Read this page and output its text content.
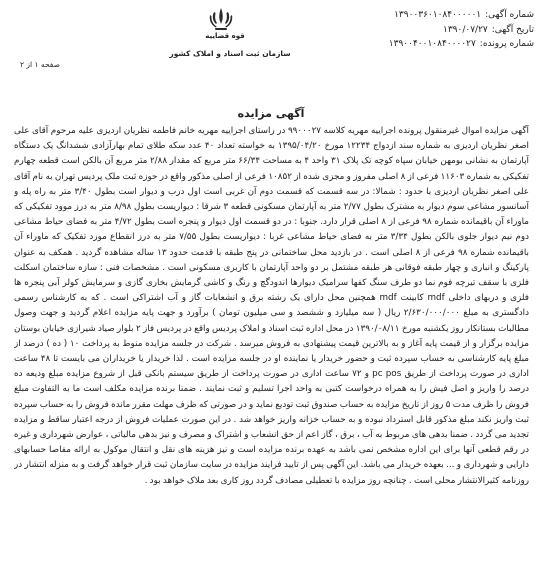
قوه قضاییه
سازمان ثبت اسناد و املاک کشور
شماره آگهی:
۱۳۹۰۰۳۶۰۱۰۸۴۰۰۰۰۰۱
تاریخ آگهی:
۱۳۹۰/۰۷/۲۷
شماره پرونده:
۱۳۹۰۰۴۰۰۱۰۸۴۰۰۰۰۲۷
صفحه ۱ از ۲
آگهی مزایده

آگهی مزایده اموال غیرمنقول پرونده اجراییه مهریه کلاسه ۹۹۰۰۰۲۷ در راستای اجراییه مهریه خانم فاطمه نظریان اردیزی علیه مرحوم آقای علی اصغر نظریان اردیزی به شماره سند ازدواج ۱۲۲۳۴ مورخ ۱۳۹۵/۰۴/۲۰ به خواسته تعداد ۴۰ عدد سکه طلای تمام بهارآزادی ششدانگ یک دستگاه آپارتمان به نشانی بومهن خیابان سپاه کوچه تک پلاک ۳۱ واحد ۴ به مساحت ۶۶/۳۴ متر مربع که مقدار ۲/۸۸ متر مربع آن بالکن است قطعه چهارم تفکیکی به شماره ۱۱۶۰۳ فرعی از ۸ اصلی مفروز و مجزی شده از ۱۰۸۵۲ فرعی از اصلی مذکور واقع در حوزه ثبت ملک پردیس تهران به نام آقای علی اصغر نظریان اردیزی با حدود : شمالا: در سه قسمت که قسمت دوم آن غربی است اول درب و دیوار است بطول ۳/۴۰ متر به راه پله و آسانسور مشاعی سوم دیوار به مشترک بطول ۲/۷۷ متر به آپارتمان مسکونی قطعه ۳ شرقا : دیواریست بطول ۸/۹۸ متر به درز موود تفکیکی که ماوراء آن باقیمانده شماره ۹۸ فرعی از ۸ اصلی قرار دارد. جنوبا : در دو قسمت اول دیوار و پنجره است بطول ۴/۷۲ متر به فضای حیاط مشاعی دوم نیم دیوار جلوی بالکن بطول ۳/۳۴ متر به فضای حیاط مشاعی غربا : دیواریست بطول ۷/۵۵ متر به درز انقطاع مورد تفکیک که ماوراء آن باقیمانده شماره ۹۸ فرعی از ۸ اصلی است . در بازدید محل ساختمانی در پنج طبقه با قدمت حدود ۱۳ ساله مشاهده گردید . همکف به عنوان پارکینگ و انباری و چهار طبقه فوقانی هر طبقه مشتمل بر دو واحد آپارتمان با کاربری مسکونی است . مشخصات فنی : سازه ساختمان اسکلت فلزی با سقف تیرچه فوم نما دو طرف سنگ کفها سرامیک دیوارها اندودگچ و رنگ و کاشی گرمایش بخاری گازی و سرمایش کولر آبی پنجره ها فلزی و دربهای داخلی mdf کابینت mdf همچنین محل دارای یک رشته برق و انشعابات گاز و آب اشتراکی است . که به کارشناس رسمی دادگستری به مبلغ ۲/۶۳۰/۰۰۰/۰۰۰ ریال ( سه میلیارد و ششصد و سی میلیون تومان ) برآورد و جهت پایه مزایده اعلام گردید و جهت وصول مطالبات بستانکار روز یکشنبه مورخ ۱۳۹۰/۰۸/۱۱ در محل اداره ثبت اسناد و املاک پردیس واقع در پردیس فاز ۲ بلوار صیاد شیرازی خیابان بوستان مزایده برگزار و از قیمت پایه آغاز و به بالاترین قیمت پیشنهادی به فروش میرسد . شرکت در جلسه مزایده منوط به پرداخت ۱۰ ( ده ) درصد از مبلغ پایه کارشناسی به حساب سپرده ثبت و حضور خریدار یا نماینده او در جلسه مزایده است . لذا خریدار یا خریداران می بایست تا ۴۸ ساعت اداری در صورت پرداخت از طریق pc pos و ۷۲ ساعت اداری در صورت پرداخت از طریق سیستم بانکی قبل از شروع مزایده مبلغ ودیعه ده درصد را واریز و اصل فیش را به همراه درخواست کتبی به واحد اجرا تسلیم و ثبت نمایند . ضمنا برنده مزایده مکلف است ما به التفاوت مبلغ فروش را ظرف مدت ۵ روز از تاریخ مزایده به حساب صندوق ثبت تودیع نماید و در صورتی که ظرف مهلت مقرر مانده فروش را به حساب سپرده ثبت واریز نکند مبلغ مذکور قابل استرداد نبوده و به حساب خزانه واریز خواهد شد . در این صورت عملیات فروش از درجه اعتبار ساقط و مزایده تجدید می گردد . ضمنا بدهی های مربوط به آب ، برق ، گاز اعم از حق انشعاب و اشتراک و مصرف و نیز بدهی مالیاتی ، عوارض شهرداری و غیره در رقم قطعی آنها برای این اداره مشخص نمی باشد به عهده برنده مزایده است و نیز هزینه های نقل و انتقال موکول به ارائه مفاصا حسابهای دارایی و شهرداری و ... بعهده خریدار می باشد. این آگهی پس از تایید فرایند مزایده در سایت سازمان ثبت قرار خواهد گرفت و به منزله انتشار در روزنامه کثیرالانتشار محلی است . چنانچه روز مزایده با تعطیلی مصادف گردد روز کاری بعد ملاک خواهد بود .
